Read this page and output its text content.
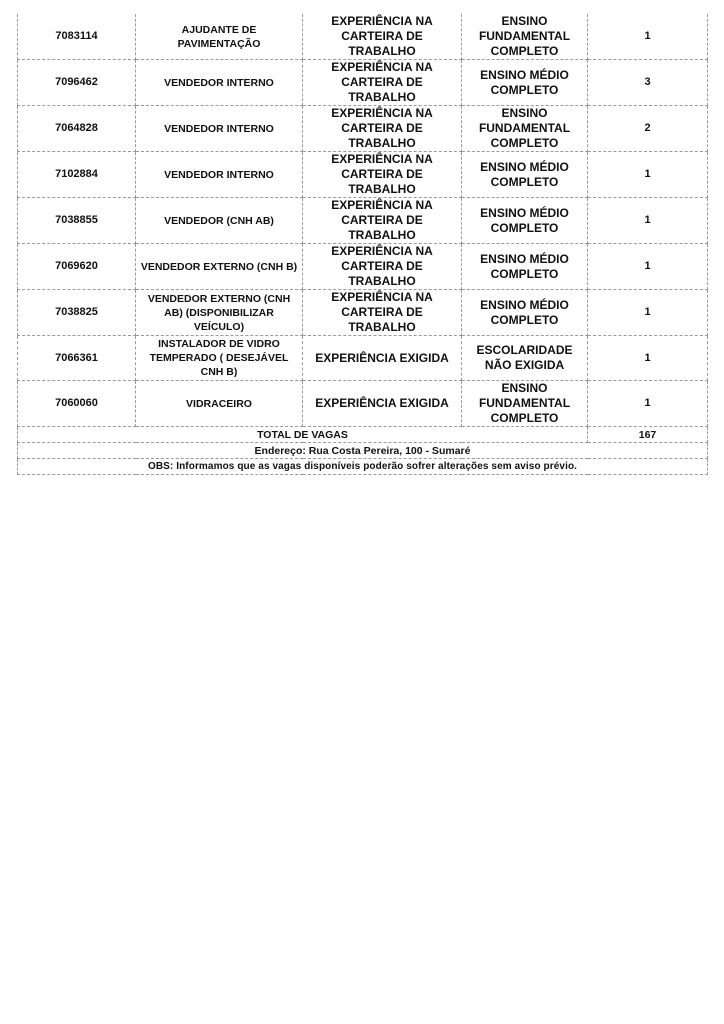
7083114	AJUDANTE DE PAVIMENTAÇÃO	EXPERIÊNCIA NA CARTEIRA DE TRABALHO	ENSINO FUNDAMENTAL COMPLETO	1
7096462	VENDEDOR INTERNO	EXPERIÊNCIA NA CARTEIRA DE TRABALHO	ENSINO MÉDIO COMPLETO	3
7064828	VENDEDOR INTERNO	EXPERIÊNCIA NA CARTEIRA DE TRABALHO	ENSINO FUNDAMENTAL COMPLETO	2
7102884	VENDEDOR INTERNO	EXPERIÊNCIA NA CARTEIRA DE TRABALHO	ENSINO MÉDIO COMPLETO	1
7038855	VENDEDOR (CNH AB)	EXPERIÊNCIA NA CARTEIRA DE TRABALHO	ENSINO MÉDIO COMPLETO	1
7069620	VENDEDOR EXTERNO (CNH B)	EXPERIÊNCIA NA CARTEIRA DE TRABALHO	ENSINO MÉDIO COMPLETO	1
7038825	VENDEDOR EXTERNO (CNH AB) (DISPONIBILIZAR VEÍCULO)	EXPERIÊNCIA NA CARTEIRA DE TRABALHO	ENSINO MÉDIO COMPLETO	1
7066361	INSTALADOR DE VIDRO TEMPERADO ( DESEJÁVEL CNH B)	EXPERIÊNCIA EXIGIDA	ESCOLARIDADE NÃO EXIGIDA	1
7060060	VIDRACEIRO	EXPERIÊNCIA EXIGIDA	ENSINO FUNDAMENTAL COMPLETO	1
TOTAL DE VAGAS				167
Endereço: Rua Costa Pereira, 100 - Sumaré				
OBS: Informamos que as vagas disponíveis poderão sofrer alterações sem aviso prévio.				
